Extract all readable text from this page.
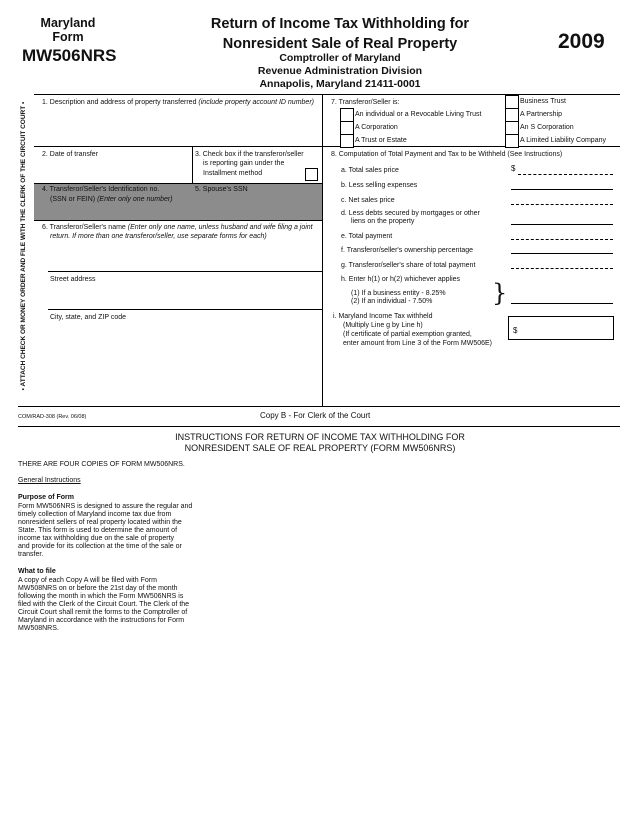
Maryland
Form
MW506NRS
Return of Income Tax Withholding for
Nonresident Sale of Real Property
Comptroller of Maryland
Revenue Administration Division
Annapolis, Maryland 21411-0001
2009
• ATTACH CHECK OR MONEY ORDER AND FILE WITH THE CLERK OF THE CIRCUIT COURT • 1. Description and address of property transferred (include property account ID number)
2. Date of transfer	3. Check box if the transferor/seller
is reporting gain under the
Installment method
4. Transferor/Seller's Identification no.
(SSN or FEIN) (Enter only one number)
5. Spouse's SSN
6. Transferor/Seller's name (Enter only one name, unless husband and wife filing a joint
return. If more than one transferor/seller, use separate forms for each)
Street address
City, state, and ZIP code
7. Transferor/Seller is:
An individual or a Revocable Living Trust
A Corporation
A Trust or Estate
Business Trust
A Partnership
An S Corporation
A Limited Liability Company
8. Computation of Total Payment and Tax to be Withheld (See Instructions)
a. Total sales price	$
b. Less selling expenses
c. Net sales price
d. Less debts secured by mortgages or other
liens on the property
e. Total payment
f. Transferor/seller's ownership percentage
g. Transferor/seller's share of total payment
h. Enter h(1) or h(2) whichever applies
(1) If a business entity - 8.25%
(2) If an individual - 7.50% }
i. Maryland Income Tax withheld
(Multiply Line g by Line h)
(If certificate of partial exemption granted,
enter amount from Line 3 of the Form MW506E)
$
COM/RAD-308 (Rev. 06/08)	Copy B - For Clerk of the Court
INSTRUCTIONS FOR RETURN OF INCOME TAX WITHHOLDING FOR
NONRESIDENT SALE OF REAL PROPERTY (FORM MW506NRS)
THERE ARE FOUR COPIES OF FORM MW506NRS.
General Instructions
Purpose of Form
Form MW506NRS is designed to assure the regular and
timely collection of Maryland income tax due from
nonresident sellers of real property located within the
State. This form is used to determine the amount of
income tax withholding due on the sale of property
and provide for its collection at the time of the sale or
transfer.
What to file
A copy of each Copy A will be filed with Form
MW508NRS on or before the 21st day of the month
following the month in which the Form MW506NRS is
filed with the Clerk of the Circuit Court. The Clerk of the
Circuit Court shall remit the forms to the Comptroller of
Maryland in accordance with the instructions for Form
MW508NRS.
